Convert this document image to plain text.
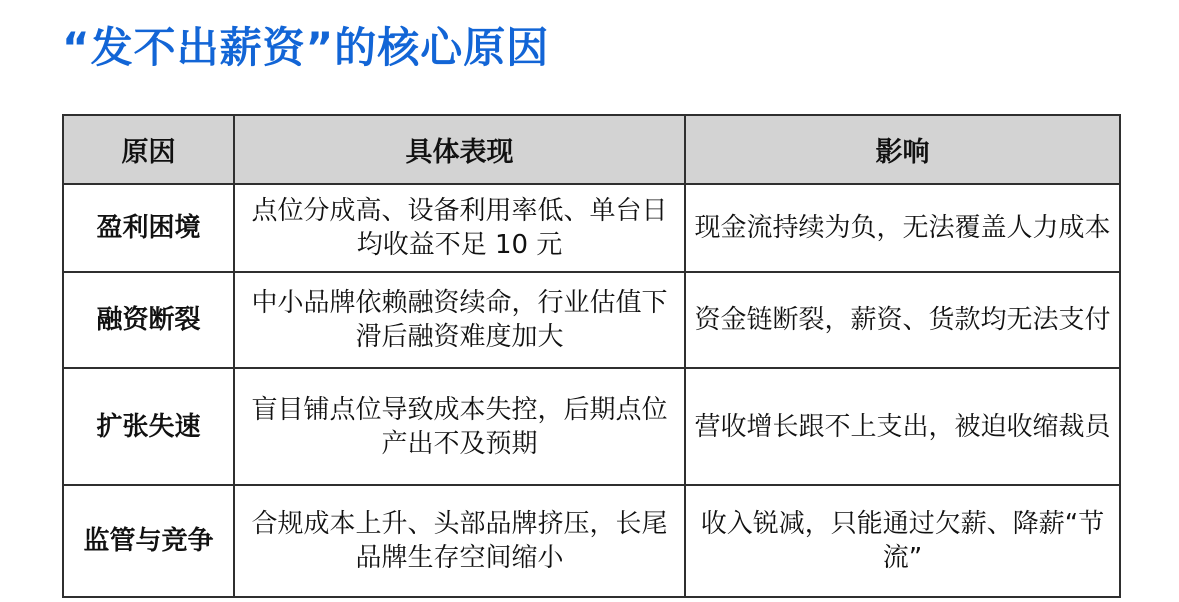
“发不出薪资”的核心原因
原因	具体表现	影响
盈利困境	点位分成高、设备利用率低、单台日均收益不足 10 元	现金流持续为负，无法覆盖人力成本
融资断裂	中小品牌依赖融资续命，行业估值下滑后融资难度加大	资金链断裂，薪资、货款均无法支付
扩张失速	盲目铺点位导致成本失控，后期点位产出不及预期	营收增长跟不上支出，被迫收缩裁员
监管与竞争	合规成本上升、头部品牌挤压，长尾品牌生存空间缩小	收入锐减，只能通过欠薪、降薪“节流”
